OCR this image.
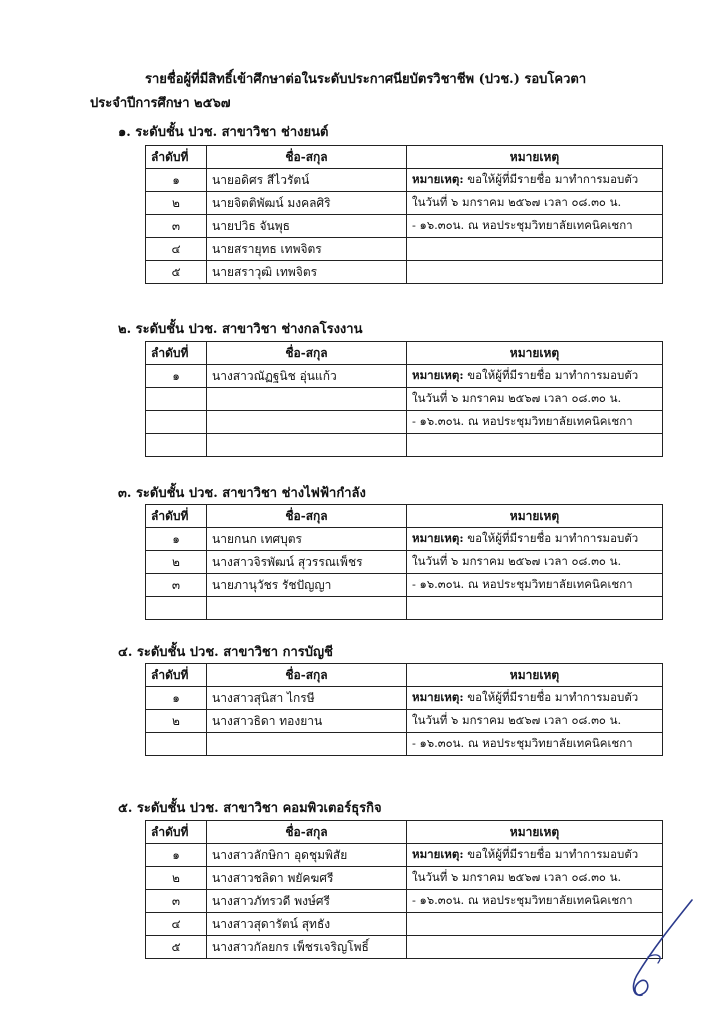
รายชื่อผู้ที่มีสิทธิ์เข้าศึกษาต่อในระดับประกาศนียบัตรวิชาชีพ (ปวช.) รอบโควตา
ประจำปีการศึกษา ๒๕๖๗
๑. ระดับชั้น ปวช. สาขาวิชา ช่างยนต์
ลำดับที่	ชื่อ-สกุล	หมายเหตุ
๑	นายอดิศร สีไวรัตน์	หมายเหตุ: ขอให้ผู้ที่มีรายชื่อ มาทำการมอบตัว
๒	นายจิตติพัฒน์ มงคลศิริ	ในวันที่ ๖ มกราคม ๒๕๖๗ เวลา ๐๘.๓๐ น.
๓	นายปวิธ จันพุธ	- ๑๖.๓๐น. ณ หอประชุมวิทยาลัยเทคนิคเชกา
๔	นายสรายุทธ เทพจิตร	
๕	นายสราวุฒิ เทพจิตร	
๒. ระดับชั้น ปวช. สาขาวิชา ช่างกลโรงงาน
ลำดับที่	ชื่อ-สกุล	หมายเหตุ
๑	นางสาวณัฏฐนิช อุ่นแก้ว	หมายเหตุ: ขอให้ผู้ที่มีรายชื่อ มาทำการมอบตัว
		ในวันที่ ๖ มกราคม ๒๕๖๗ เวลา ๐๘.๓๐ น.
		- ๑๖.๓๐น. ณ หอประชุมวิทยาลัยเทคนิคเชกา

๓. ระดับชั้น ปวช. สาขาวิชา ช่างไฟฟ้ากำลัง
ลำดับที่	ชื่อ-สกุล	หมายเหตุ
๑	นายกนก เทศบุตร	หมายเหตุ: ขอให้ผู้ที่มีรายชื่อ มาทำการมอบตัว
๒	นางสาวจิรพัฒน์ สุวรรณเพ็ชร	ในวันที่ ๖ มกราคม ๒๕๖๗ เวลา ๐๘.๓๐ น.
๓	นายภานุวัชร รัชปัญญา	- ๑๖.๓๐น. ณ หอประชุมวิทยาลัยเทคนิคเชกา

๔. ระดับชั้น ปวช. สาขาวิชา การบัญชี
ลำดับที่	ชื่อ-สกุล	หมายเหตุ
๑	นางสาวสุนิสา ไกรษี	หมายเหตุ: ขอให้ผู้ที่มีรายชื่อ มาทำการมอบตัว
๒	นางสาวธิดา ทองยาน	ในวันที่ ๖ มกราคม ๒๕๖๗ เวลา ๐๘.๓๐ น.
		- ๑๖.๓๐น. ณ หอประชุมวิทยาลัยเทคนิคเชกา
๕. ระดับชั้น ปวช. สาขาวิชา คอมพิวเตอร์ธุรกิจ
ลำดับที่	ชื่อ-สกุล	หมายเหตุ
๑	นางสาวลักษิกา อุดชุมพิสัย	หมายเหตุ: ขอให้ผู้ที่มีรายชื่อ มาทำการมอบตัว
๒	นางสาวชลิดา พยัคฆศรี	ในวันที่ ๖ มกราคม ๒๕๖๗ เวลา ๐๘.๓๐ น.
๓	นางสาวภัทรวดี พงษ์ศรี	- ๑๖.๓๐น. ณ หอประชุมวิทยาลัยเทคนิคเชกา
๔	นางสาวสุดารัตน์ สุทธัง	
๕	นางสาวกัลยกร เพ็ชรเจริญโพธิ์	
